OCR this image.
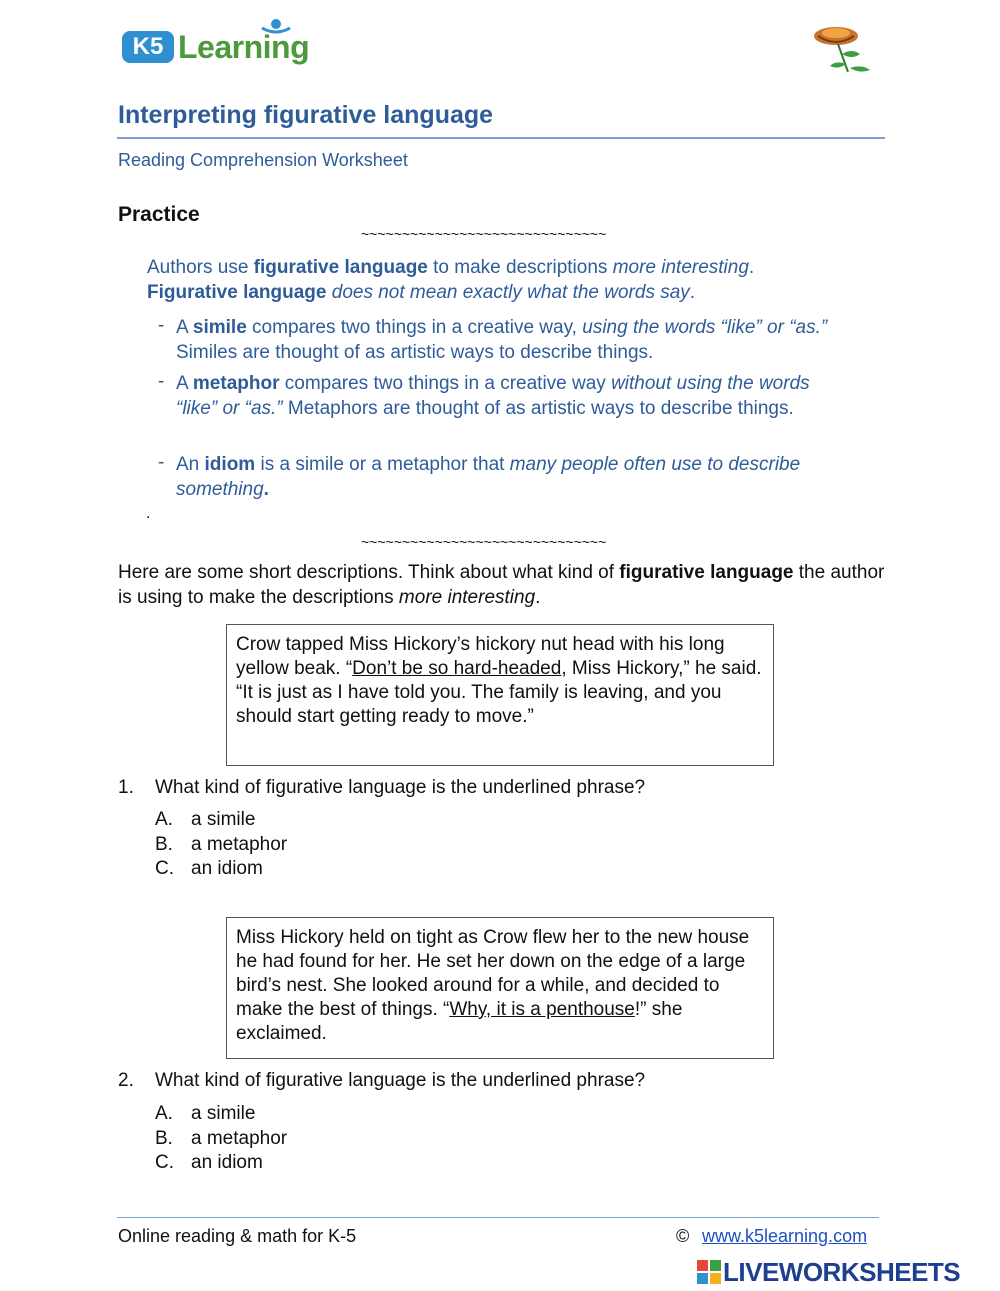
K5 Learning
Interpreting figurative language
Reading Comprehension Worksheet
Practice
~~~~~~~~~~~~~~~~~~~~~~~~~~~~~~
Authors use figurative language to make descriptions more interesting.
Figurative language does not mean exactly what the words say.
- A simile compares two things in a creative way, using the words “like” or “as.” Similes are thought of as artistic ways to describe things.
- A metaphor compares two things in a creative way without using the words “like” or “as.” Metaphors are thought of as artistic ways to describe things.
- An idiom is a simile or a metaphor that many people often use to describe something.
.
~~~~~~~~~~~~~~~~~~~~~~~~~~~~~~
Here are some short descriptions. Think about what kind of figurative language the author is using to make the descriptions more interesting.
Crow tapped Miss Hickory’s hickory nut head with his long yellow beak. “Don’t be so hard-headed, Miss Hickory,” he said. “It is just as I have told you. The family is leaving, and you should start getting ready to move.”
1. What kind of figurative language is the underlined phrase?
A. a simile
B. a metaphor
C. an idiom
Miss Hickory held on tight as Crow flew her to the new house he had found for her. He set her down on the edge of a large bird’s nest. She looked around for a while, and decided to make the best of things. “Why, it is a penthouse!” she exclaimed.
2. What kind of figurative language is the underlined phrase?
A. a simile
B. a metaphor
C. an idiom
Online reading & math for K-5	© www.k5learning.com
LIVEWORKSHEETS
